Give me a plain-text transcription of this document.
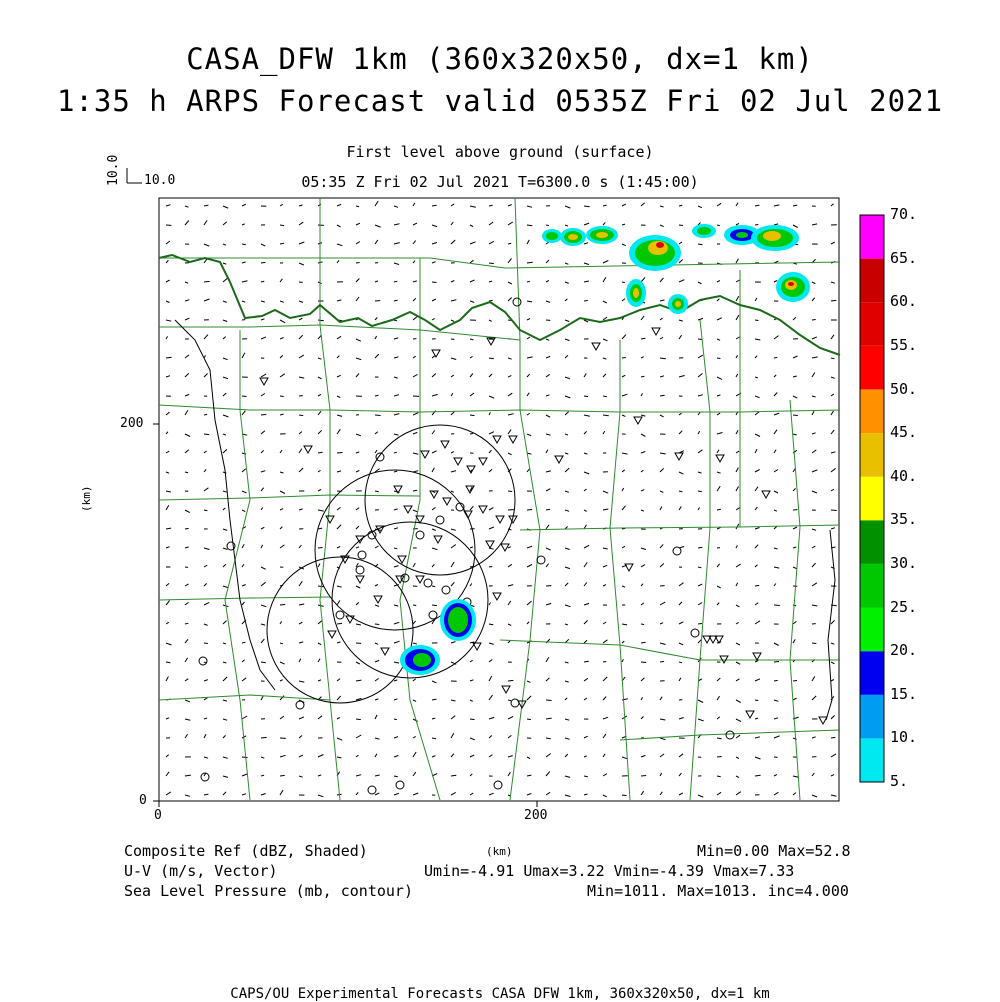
CASA_DFW 1km (360x320x50, dx=1 km)
1:35 h ARPS Forecast valid 0535Z Fri 02 Jul 2021
First level above ground (surface)
05:35 Z Fri 02 Jul 2021 T=6300.0 s (1:45:00)
10.0 10.0
0	200
0
200
(km)
(km)
5.
10.
15.
20.
25.
30.
35.
40.
45.
50.
55.
60.
65.
70.
Composite Ref (dBZ, Shaded)	Min=0.00 Max=52.8
U-V (m/s, Vector)	Umin=-4.91 Umax=3.22 Vmin=-4.39 Vmax=7.33
Sea Level Pressure (mb, contour)	Min=1011. Max=1013. inc=4.000
CAPS/OU Experimental Forecasts CASA DFW 1km, 360x320x50, dx=1 km
